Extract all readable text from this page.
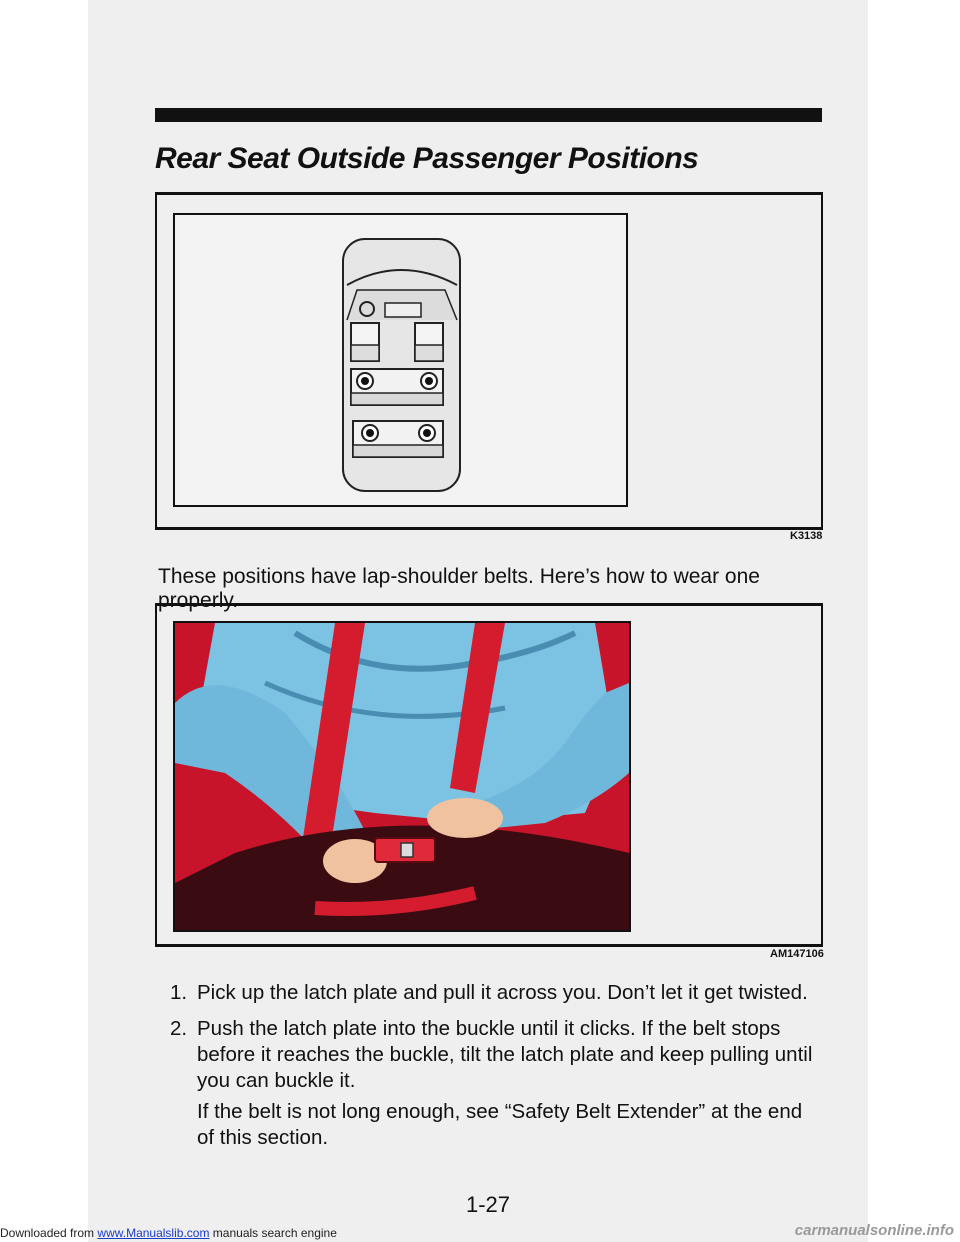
Rear Seat Outside Passenger Positions
K3138
These positions have lap-shoulder belts. Here’s how to wear one properly.
AM147106
1. Pick up the latch plate and pull it across you. Don’t let it get twisted.
2. Push the latch plate into the buckle until it clicks. If the belt stops before it reaches the buckle, tilt the latch plate and keep pulling until you can buckle it.
If the belt is not long enough, see “Safety Belt Extender” at the end of this section.
1-27
Downloaded from www.Manualslib.com manuals search engine	carmanualsonline.info
